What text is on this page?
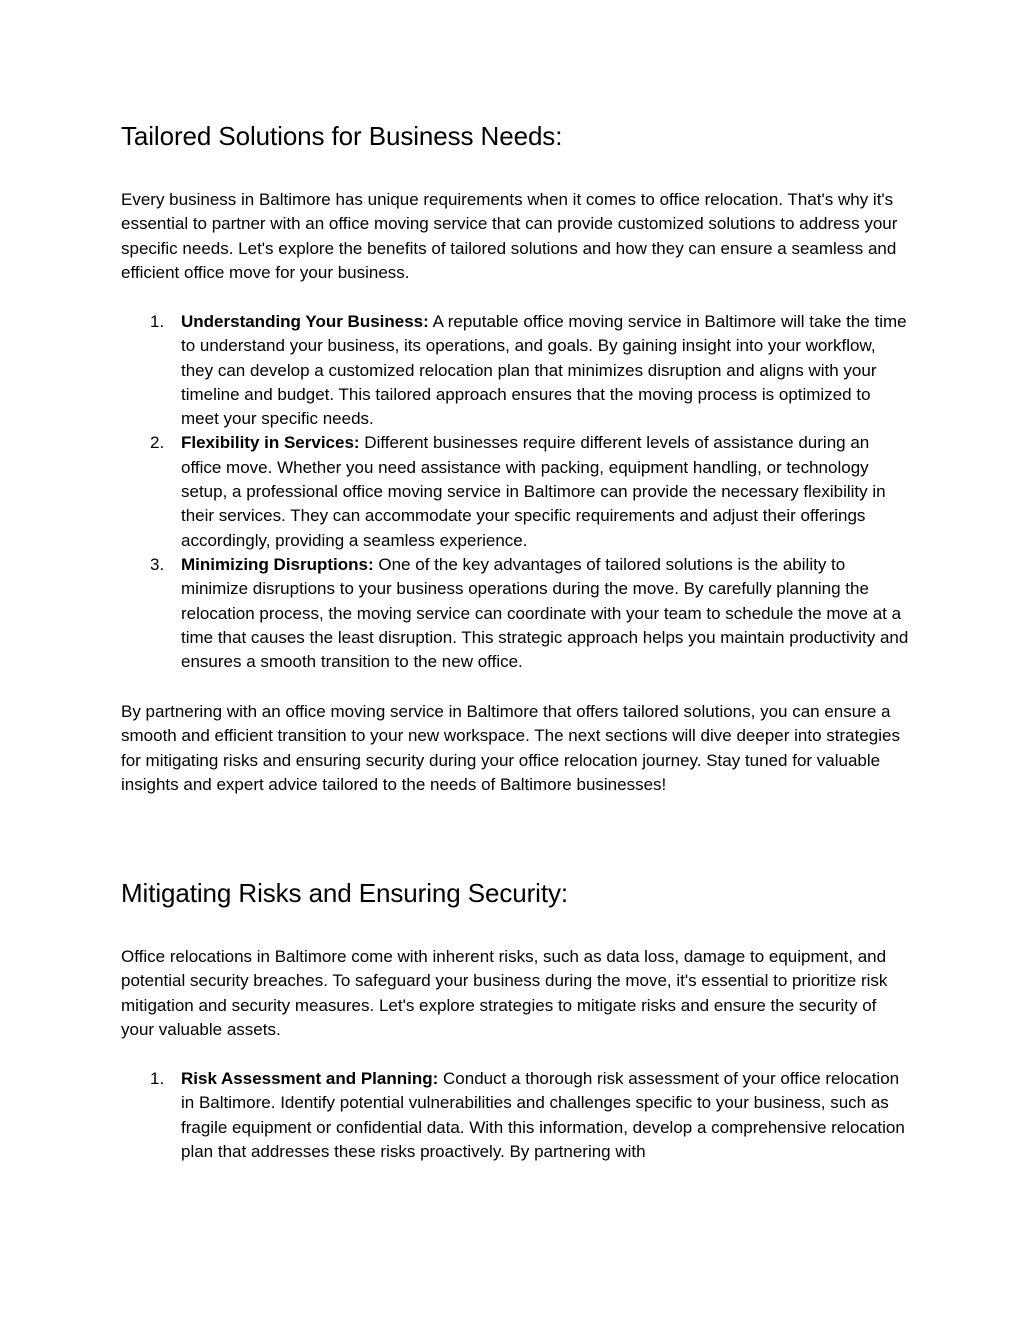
Tailored Solutions for Business Needs:

Every business in Baltimore has unique requirements when it comes to office relocation. That's why it's essential to partner with an office moving service that can provide customized solutions to address your specific needs. Let's explore the benefits of tailored solutions and how they can ensure a seamless and efficient office move for your business.

1. Understanding Your Business: A reputable office moving service in Baltimore will take the time to understand your business, its operations, and goals. By gaining insight into your workflow, they can develop a customized relocation plan that minimizes disruption and aligns with your timeline and budget. This tailored approach ensures that the moving process is optimized to meet your specific needs.
2. Flexibility in Services: Different businesses require different levels of assistance during an office move. Whether you need assistance with packing, equipment handling, or technology setup, a professional office moving service in Baltimore can provide the necessary flexibility in their services. They can accommodate your specific requirements and adjust their offerings accordingly, providing a seamless experience.
3. Minimizing Disruptions: One of the key advantages of tailored solutions is the ability to minimize disruptions to your business operations during the move. By carefully planning the relocation process, the moving service can coordinate with your team to schedule the move at a time that causes the least disruption. This strategic approach helps you maintain productivity and ensures a smooth transition to the new office.

By partnering with an office moving service in Baltimore that offers tailored solutions, you can ensure a smooth and efficient transition to your new workspace. The next sections will dive deeper into strategies for mitigating risks and ensuring security during your office relocation journey. Stay tuned for valuable insights and expert advice tailored to the needs of Baltimore businesses!

Mitigating Risks and Ensuring Security:

Office relocations in Baltimore come with inherent risks, such as data loss, damage to equipment, and potential security breaches. To safeguard your business during the move, it's essential to prioritize risk mitigation and security measures. Let's explore strategies to mitigate risks and ensure the security of your valuable assets.

1. Risk Assessment and Planning: Conduct a thorough risk assessment of your office relocation in Baltimore. Identify potential vulnerabilities and challenges specific to your business, such as fragile equipment or confidential data. With this information, develop a comprehensive relocation plan that addresses these risks proactively. By partnering with
